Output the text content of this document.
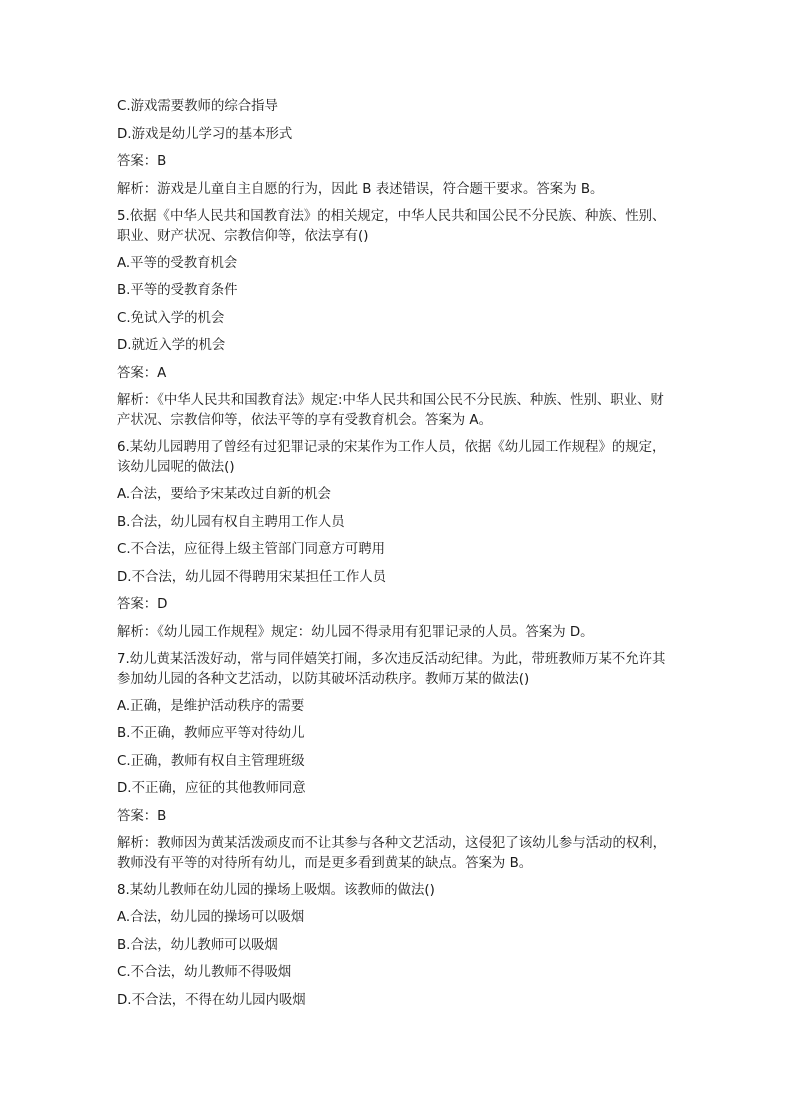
C.游戏需要教师的综合指导

D.游戏是幼儿学习的基本形式

答案：B

解析：游戏是儿童自主自愿的行为，因此 B 表述错误，符合题干要求。答案为 B。

5.依据《中华人民共和国教育法》的相关规定，中华人民共和国公民不分民族、种族、性别、职业、财产状况、宗教信仰等，依法享有()

A.平等的受教育机会

B.平等的受教育条件

C.免试入学的机会

D.就近入学的机会

答案：A

解析：《中华人民共和国教育法》规定:中华人民共和国公民不分民族、种族、性别、职业、财产状况、宗教信仰等，依法平等的享有受教育机会。答案为 A。

6.某幼儿园聘用了曾经有过犯罪记录的宋某作为工作人员，依据《幼儿园工作规程》的规定，该幼儿园呢的做法()

A.合法，要给予宋某改过自新的机会

B.合法，幼儿园有权自主聘用工作人员

C.不合法，应征得上级主管部门同意方可聘用

D.不合法，幼儿园不得聘用宋某担任工作人员

答案：D

解析：《幼儿园工作规程》规定：幼儿园不得录用有犯罪记录的人员。答案为 D。

7.幼儿黄某活泼好动，常与同伴嬉笑打闹，多次违反活动纪律。为此，带班教师万某不允许其参加幼儿园的各种文艺活动，以防其破坏活动秩序。教师万某的做法()

A.正确，是维护活动秩序的需要

B.不正确，教师应平等对待幼儿

C.正确，教师有权自主管理班级

D.不正确，应征的其他教师同意

答案：B

解析：教师因为黄某活泼顽皮而不让其参与各种文艺活动，这侵犯了该幼儿参与活动的权利，教师没有平等的对待所有幼儿，而是更多看到黄某的缺点。答案为 B。

8.某幼儿教师在幼儿园的操场上吸烟。该教师的做法()

A.合法，幼儿园的操场可以吸烟

B.合法，幼儿教师可以吸烟

C.不合法，幼儿教师不得吸烟

D.不合法，不得在幼儿园内吸烟
